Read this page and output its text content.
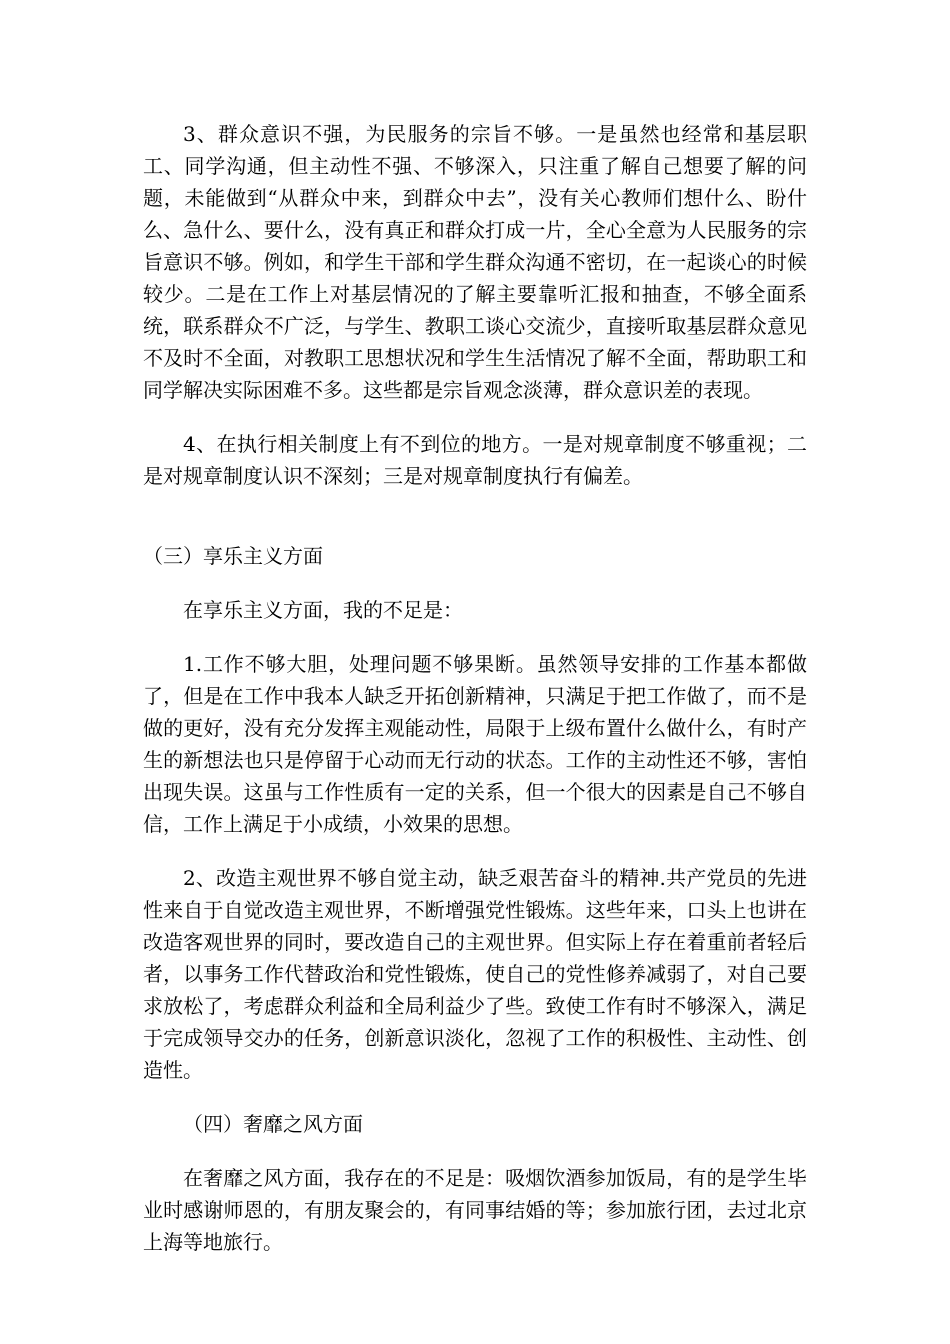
3、群众意识不强，为民服务的宗旨不够。一是虽然也经常和基层职工、同学沟通，但主动性不强、不够深入，只注重了解自己想要了解的问题，未能做到“从群众中来，到群众中去”，没有关心教师们想什么、盼什么、急什么、要什么，没有真正和群众打成一片，全心全意为人民服务的宗旨意识不够。例如，和学生干部和学生群众沟通不密切，在一起谈心的时候较少。二是在工作上对基层情况的了解主要靠听汇报和抽查，不够全面系统，联系群众不广泛，与学生、教职工谈心交流少，直接听取基层群众意见不及时不全面，对教职工思想状况和学生生活情况了解不全面，帮助职工和同学解决实际困难不多。这些都是宗旨观念淡薄，群众意识差的表现。

4、在执行相关制度上有不到位的地方。一是对规章制度不够重视；二是对规章制度认识不深刻；三是对规章制度执行有偏差。

（三）享乐主义方面

在享乐主义方面，我的不足是：

1.工作不够大胆，处理问题不够果断。虽然领导安排的工作基本都做了，但是在工作中我本人缺乏开拓创新精神，只满足于把工作做了，而不是做的更好，没有充分发挥主观能动性，局限于上级布置什么做什么，有时产生的新想法也只是停留于心动而无行动的状态。工作的主动性还不够，害怕出现失误。这虽与工作性质有一定的关系，但一个很大的因素是自己不够自信，工作上满足于小成绩，小效果的思想。

2、改造主观世界不够自觉主动，缺乏艰苦奋斗的精神.共产党员的先进性来自于自觉改造主观世界，不断增强党性锻炼。这些年来，口头上也讲在改造客观世界的同时，要改造自己的主观世界。但实际上存在着重前者轻后者，以事务工作代替政治和党性锻炼，使自己的党性修养减弱了，对自己要求放松了，考虑群众利益和全局利益少了些。致使工作有时不够深入，满足于完成领导交办的任务，创新意识淡化，忽视了工作的积极性、主动性、创造性。

（四）奢靡之风方面

在奢靡之风方面，我存在的不足是：吸烟饮酒参加饭局，有的是学生毕业时感谢师恩的，有朋友聚会的，有同事结婚的等；参加旅行团，去过北京上海等地旅行。
